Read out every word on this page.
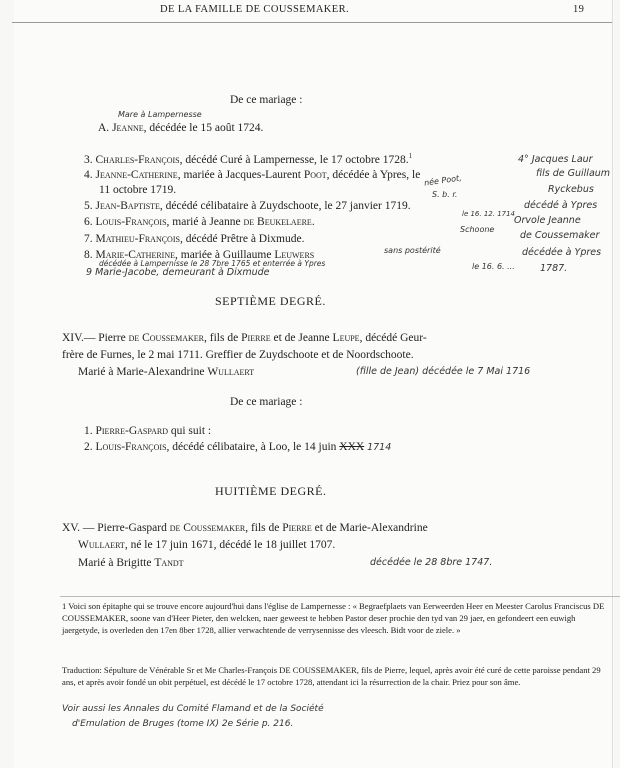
DE LA FAMILLE DE COUSSEMAKER.	19
De ce mariage :
Mare à Lampernesse
A. Jeanne, décédée le 15 août 1724.
3. Charles-François, décédé Curé à Lampernesse, le 17 octobre 1728.$^1$
4. Jeanne-Catherine, mariée à Jacques-Laurent Poot, décédée à Ypres, le
11 octobre 1719.
5. Jean-Baptiste, décédé célibataire à Zuydschoote, le 27 janvier 1719.
6. Louis-François, marié à Jeanne de Beukelaere.
7. Mathieu-François, décédé Prêtre à Dixmude.
8. Marie-Catherine, mariée à Guillaume Leuwers	sans postérité
décédée à Lampernisse le 28 7bre 1765 et enterrée à Ypres
9 Marie-Jacobe, demeurant à Dixmude
née Poot,
S. b. r.
le 16. 12. 1714
Schoone
le 16. 6. ...
4° Jacques Laur
fils de Guillaum
Ryckebus
décédé à Ypres
Orvole Jeanne
de Coussemaker
décédée à Ypres
1787.
SEPTIÈME DEGRÉ.
XIV.— Pierre de Coussemaker, fils de Pierre et de Jeanne Leupe, décédé Geur-
frère de Furnes, le 2 mai 1711. Greffier de Zuydschoote et de Noordschoote.
Marié à Marie-Alexandrine Wullaert	(fille de Jean) décédée le 7 Mai 1716
De ce mariage :
1. Pierre-Gaspard qui suit :
2. Louis-François, décédé célibataire, à Loo, le 14 juin XXX 1714
HUITIÈME DEGRÉ.
XV. — Pierre-Gaspard de Coussemaker, fils de Pierre et de Marie-Alexandrine
Wullaert, né le 17 juin 1671, décédé le 18 juillet 1707.
Marié à Brigitte Tandt	décédée le 28 8bre 1747.
1 Voici son épitaphe qui se trouve encore aujourd'hui dans l'église de Lampernesse : « Begraefplaets van Eerweerden Heer en Meester Carolus Franciscus DE COUSSEMAKER, soone van d'Heer Pieter, den welcken, naer geweest te hebben Pastor deser prochie den tyd van 29 jaer, en gefondeert een euwigh jaergetyde, is overleden den 17en 8ber 1728, allier verwachtende de verrysennisse des vleesch. Bidt voor de ziele. »
Traduction: Sépulture de Vénérable Sr et Me Charles-François DE COUSSEMAKER, fils de Pierre, lequel, après avoir été curé de cette paroisse pendant 29 ans, et après avoir fondé un obit perpétuel, est décédé le 17 octobre 1728, attendant ici la résurrection de la chair. Priez pour son âme.
Voir aussi les Annales du Comité Flamand et de la Société
d'Emulation de Bruges (tome IX) 2e Série p. 216.
